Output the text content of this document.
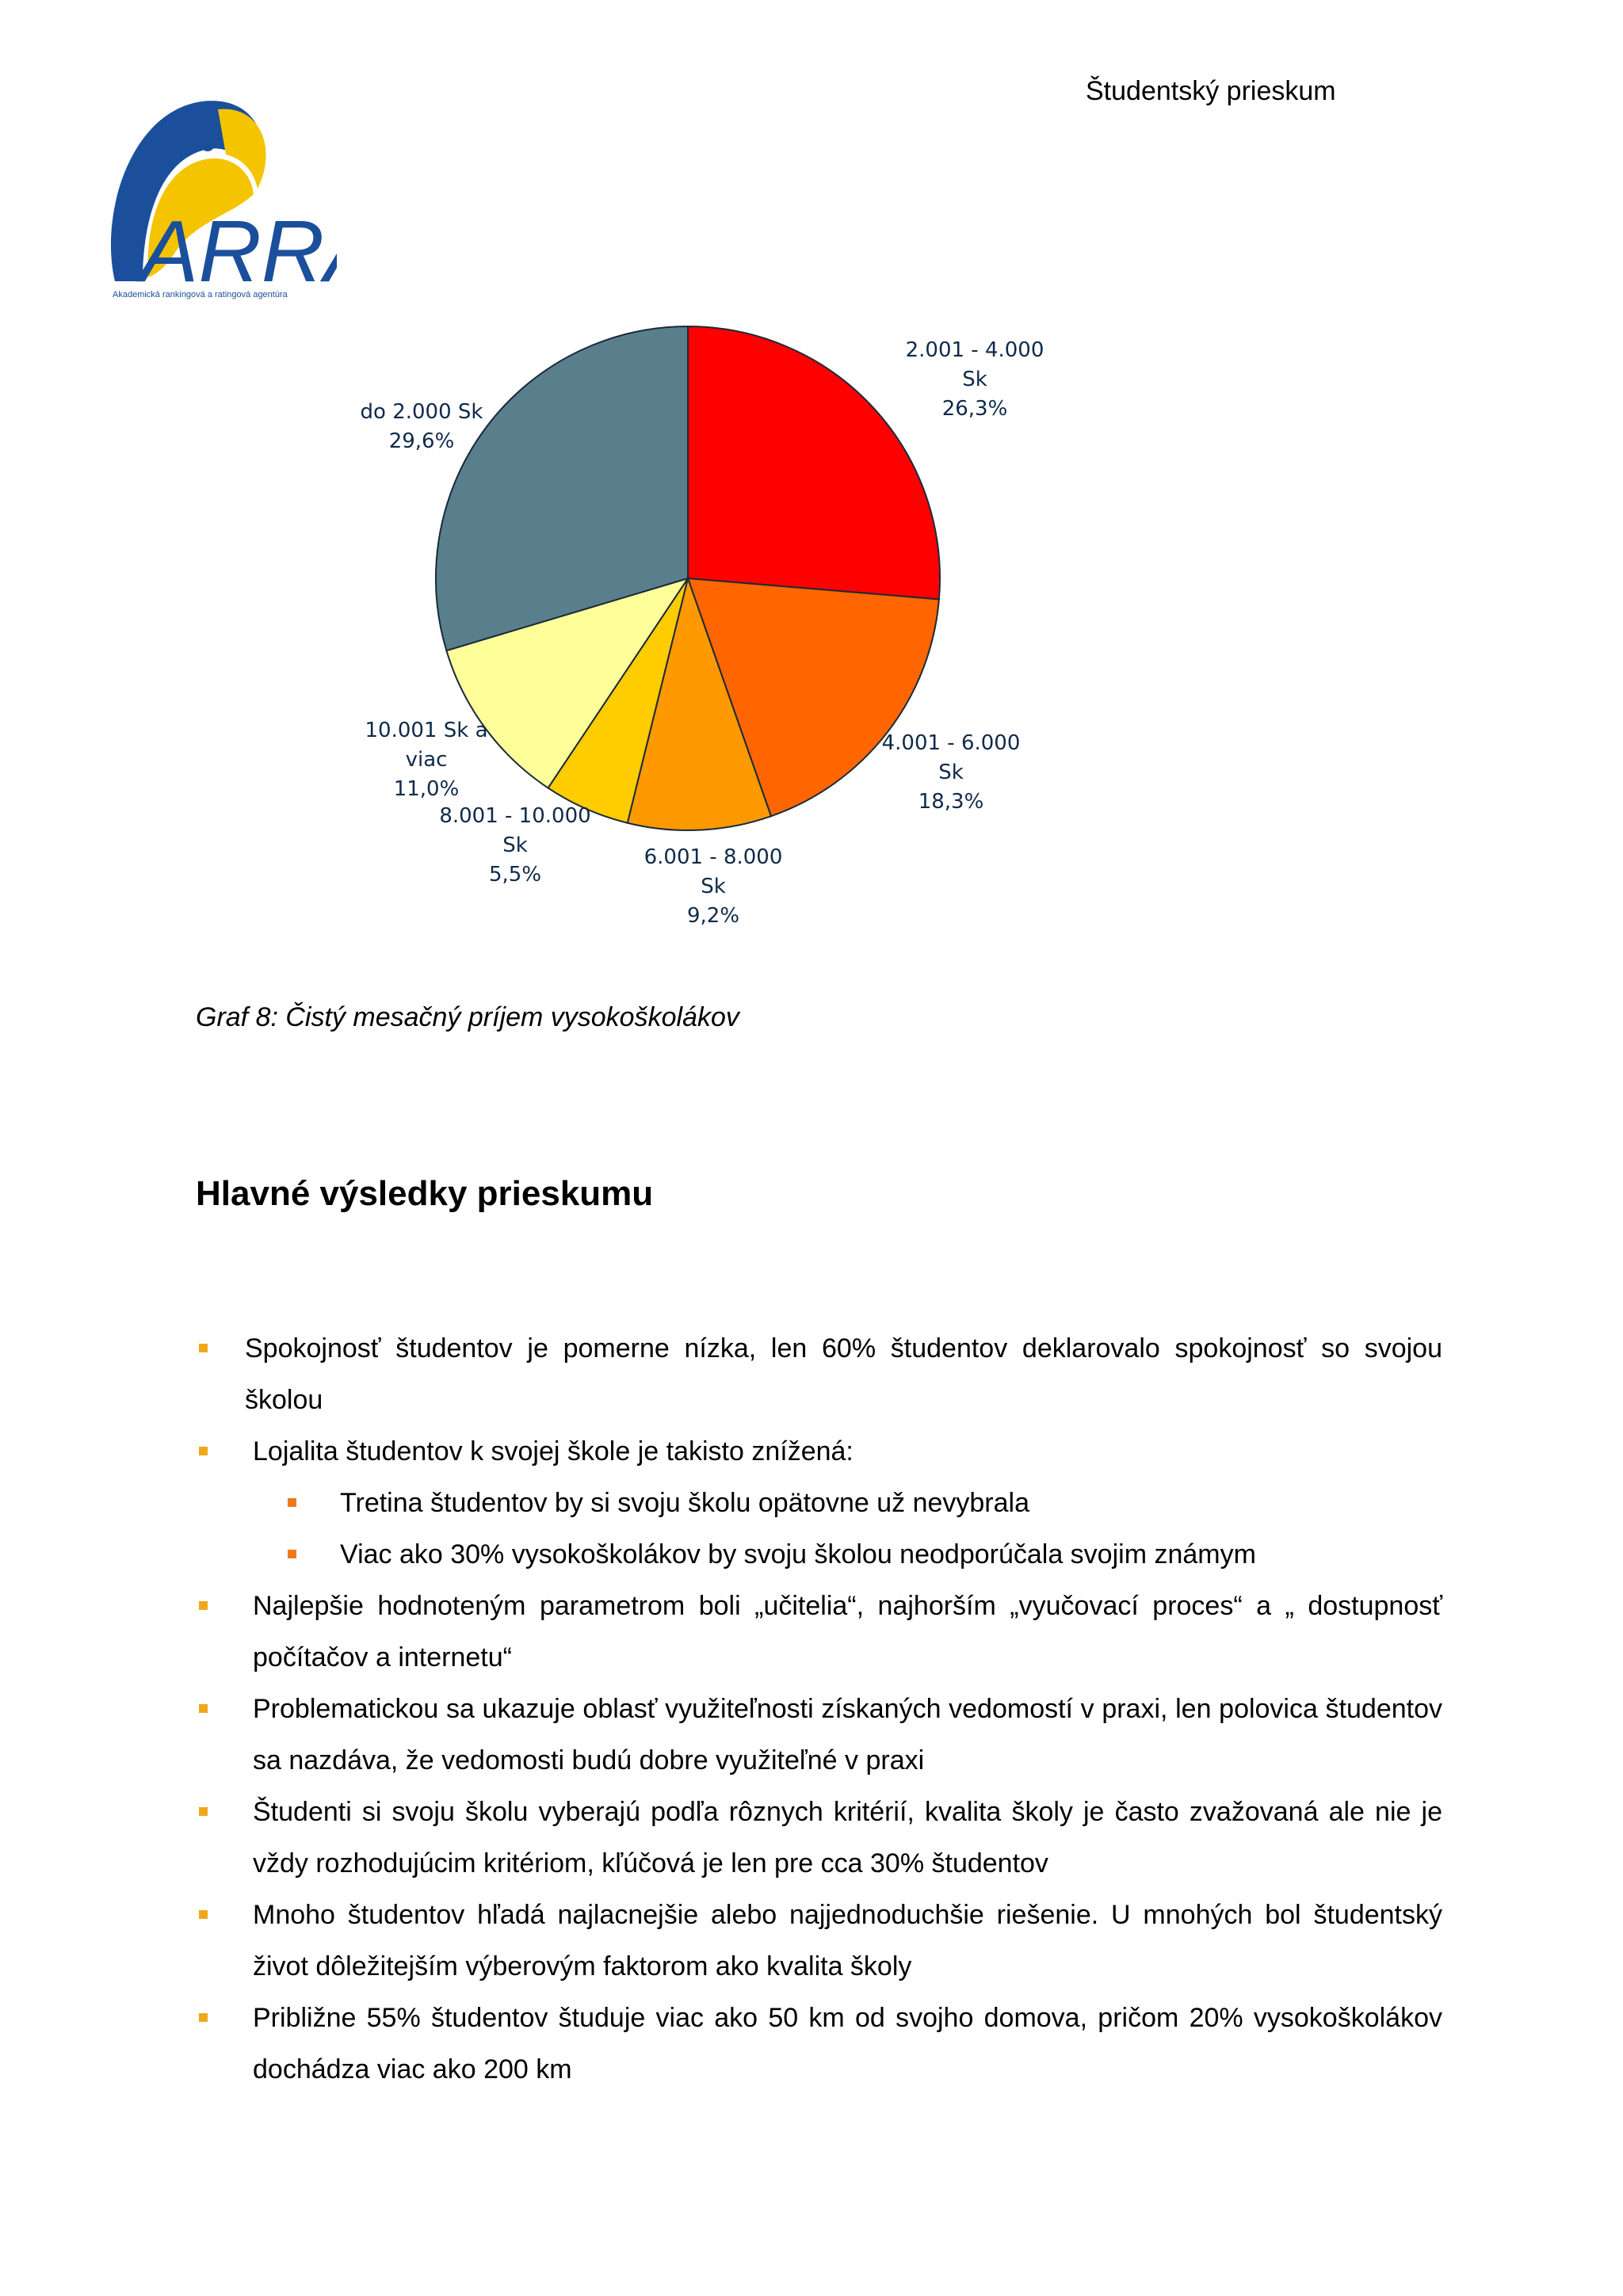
Študentský prieskum
ARR
Akademická rankingová a ratingová agentúra
2.001 - 4.000 Sk 26,3%
4.001 - 6.000 Sk 18,3%
6.001 - 8.000 Sk 9,2%
8.001 - 10.000 Sk 5,5%
10.001 Sk a viac 11,0%
do 2.000 Sk 29,6%
Graf 8: Čistý mesačný príjem vysokoškolákov
Hlavné výsledky prieskumu
Spokojnosť študentov je pomerne nízka, len 60% študentov deklarovalo spokojnosť so svojou školou
Lojalita študentov k svojej škole je takisto znížená:
Tretina študentov by si svoju školu opätovne už nevybrala
Viac ako 30% vysokoškolákov by svoju školou neodporúčala svojim známym
Najlepšie hodnoteným parametrom boli „učitelia“, najhorším „vyučovací proces“ a „ dostupnosť počítačov a internetu“
Problematickou sa ukazuje oblasť využiteľnosti získaných vedomostí v praxi, len polovica študentov sa nazdáva, že vedomosti budú dobre využiteľné v praxi
Študenti si svoju školu vyberajú podľa rôznych kritérií, kvalita školy je často zvažovaná ale nie je vždy rozhodujúcim kritériom, kľúčová je len pre cca 30% študentov
Mnoho študentov hľadá najlacnejšie alebo najjednoduchšie riešenie. U mnohých bol študentský život dôležitejším výberovým faktorom ako kvalita školy
Približne 55% študentov študuje viac ako 50 km od svojho domova, pričom 20% vysokoškolákov dochádza viac ako 200 km
